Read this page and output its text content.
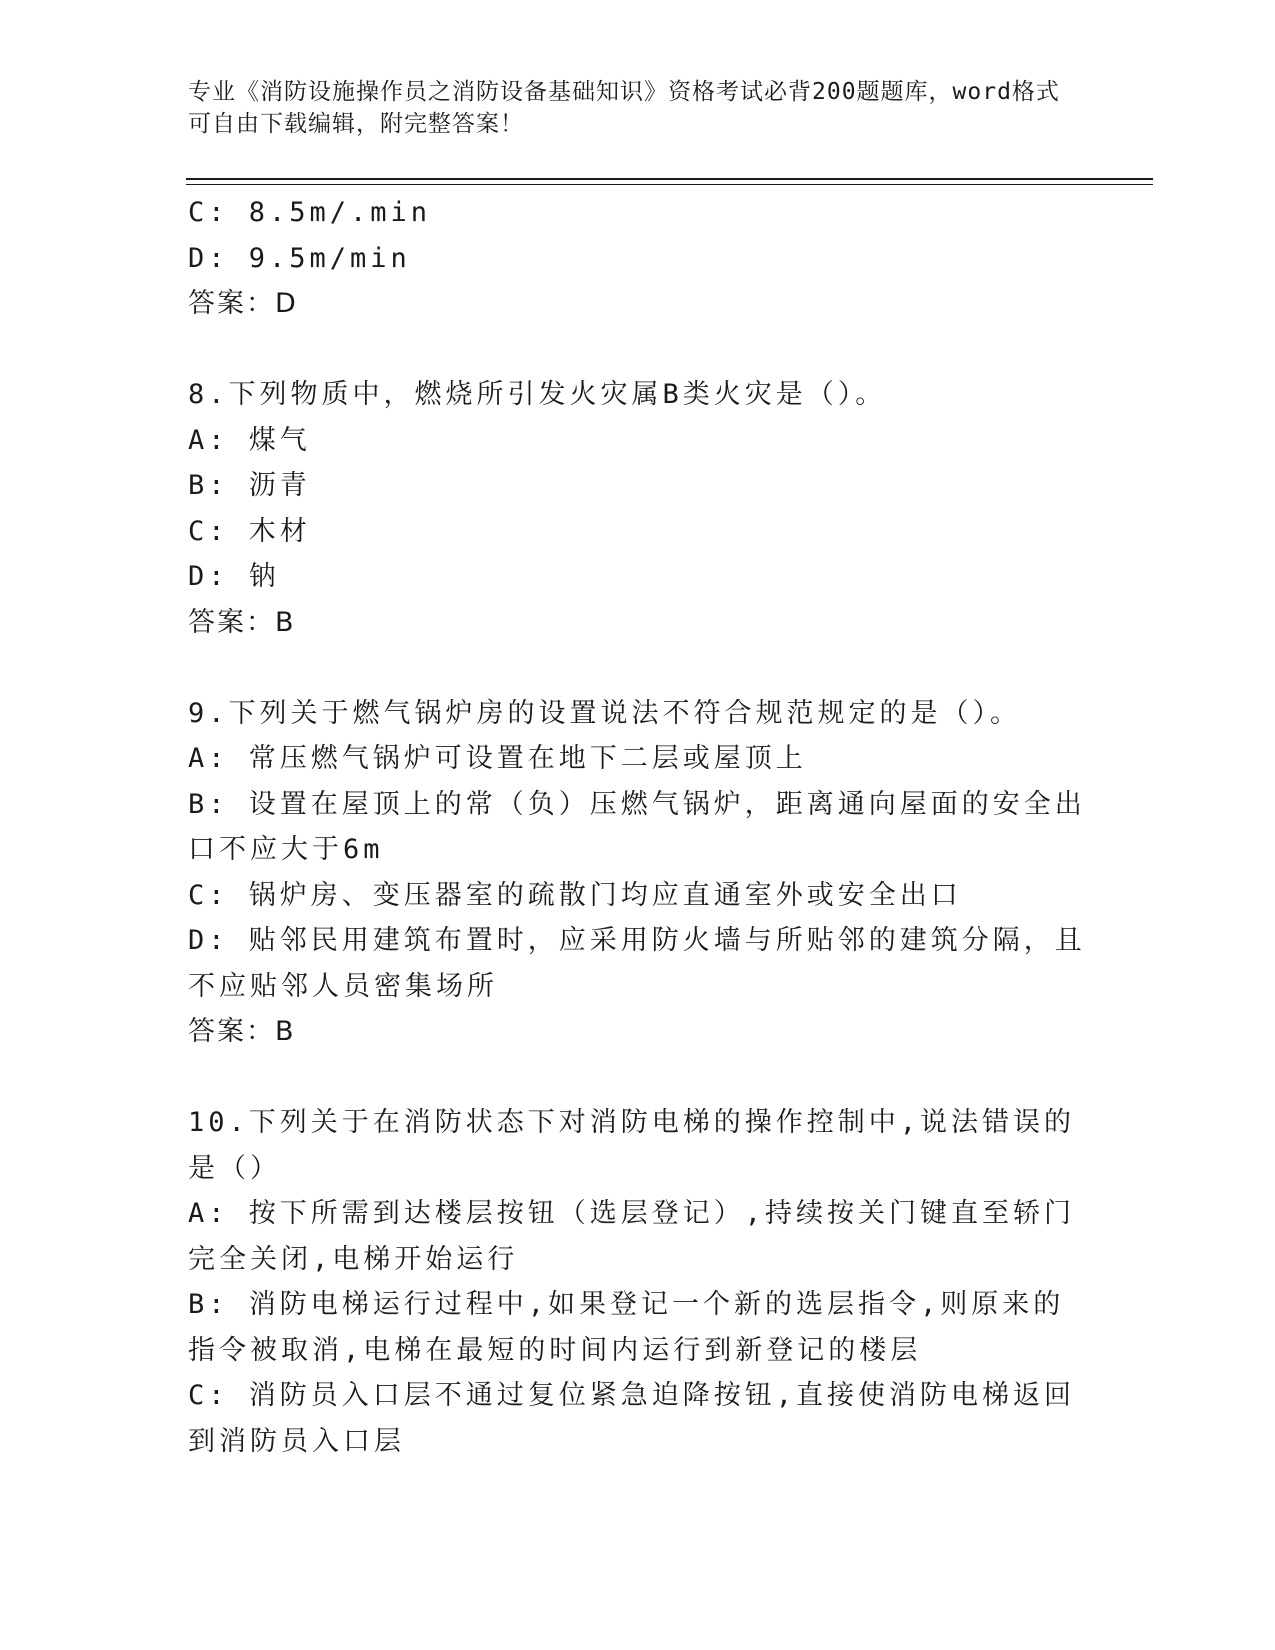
专业《消防设施操作员之消防设备基础知识》资格考试必背200题题库，word格式可自由下载编辑，附完整答案！
C: 8.5m/.min
D: 9.5m/min
答案：D
8.下列物质中，燃烧所引发火灾属B类火灾是（）。
A: 煤气
B: 沥青
C: 木材
D: 钠
答案：B
9.下列关于燃气锅炉房的设置说法不符合规范规定的是（）。
A: 常压燃气锅炉可设置在地下二层或屋顶上
B: 设置在屋顶上的常（负）压燃气锅炉，距离通向屋面的安全出口不应大于6m
C: 锅炉房、变压器室的疏散门均应直通室外或安全出口
D: 贴邻民用建筑布置时，应采用防火墙与所贴邻的建筑分隔，且不应贴邻人员密集场所
答案：B
10.下列关于在消防状态下对消防电梯的操作控制中,说法错误的是（）
A: 按下所需到达楼层按钮（选层登记）,持续按关门键直至轿门完全关闭,电梯开始运行
B: 消防电梯运行过程中,如果登记一个新的选层指令,则原来的指令被取消,电梯在最短的时间内运行到新登记的楼层
C: 消防员入口层不通过复位紧急迫降按钮,直接使消防电梯返回到消防员入口层
